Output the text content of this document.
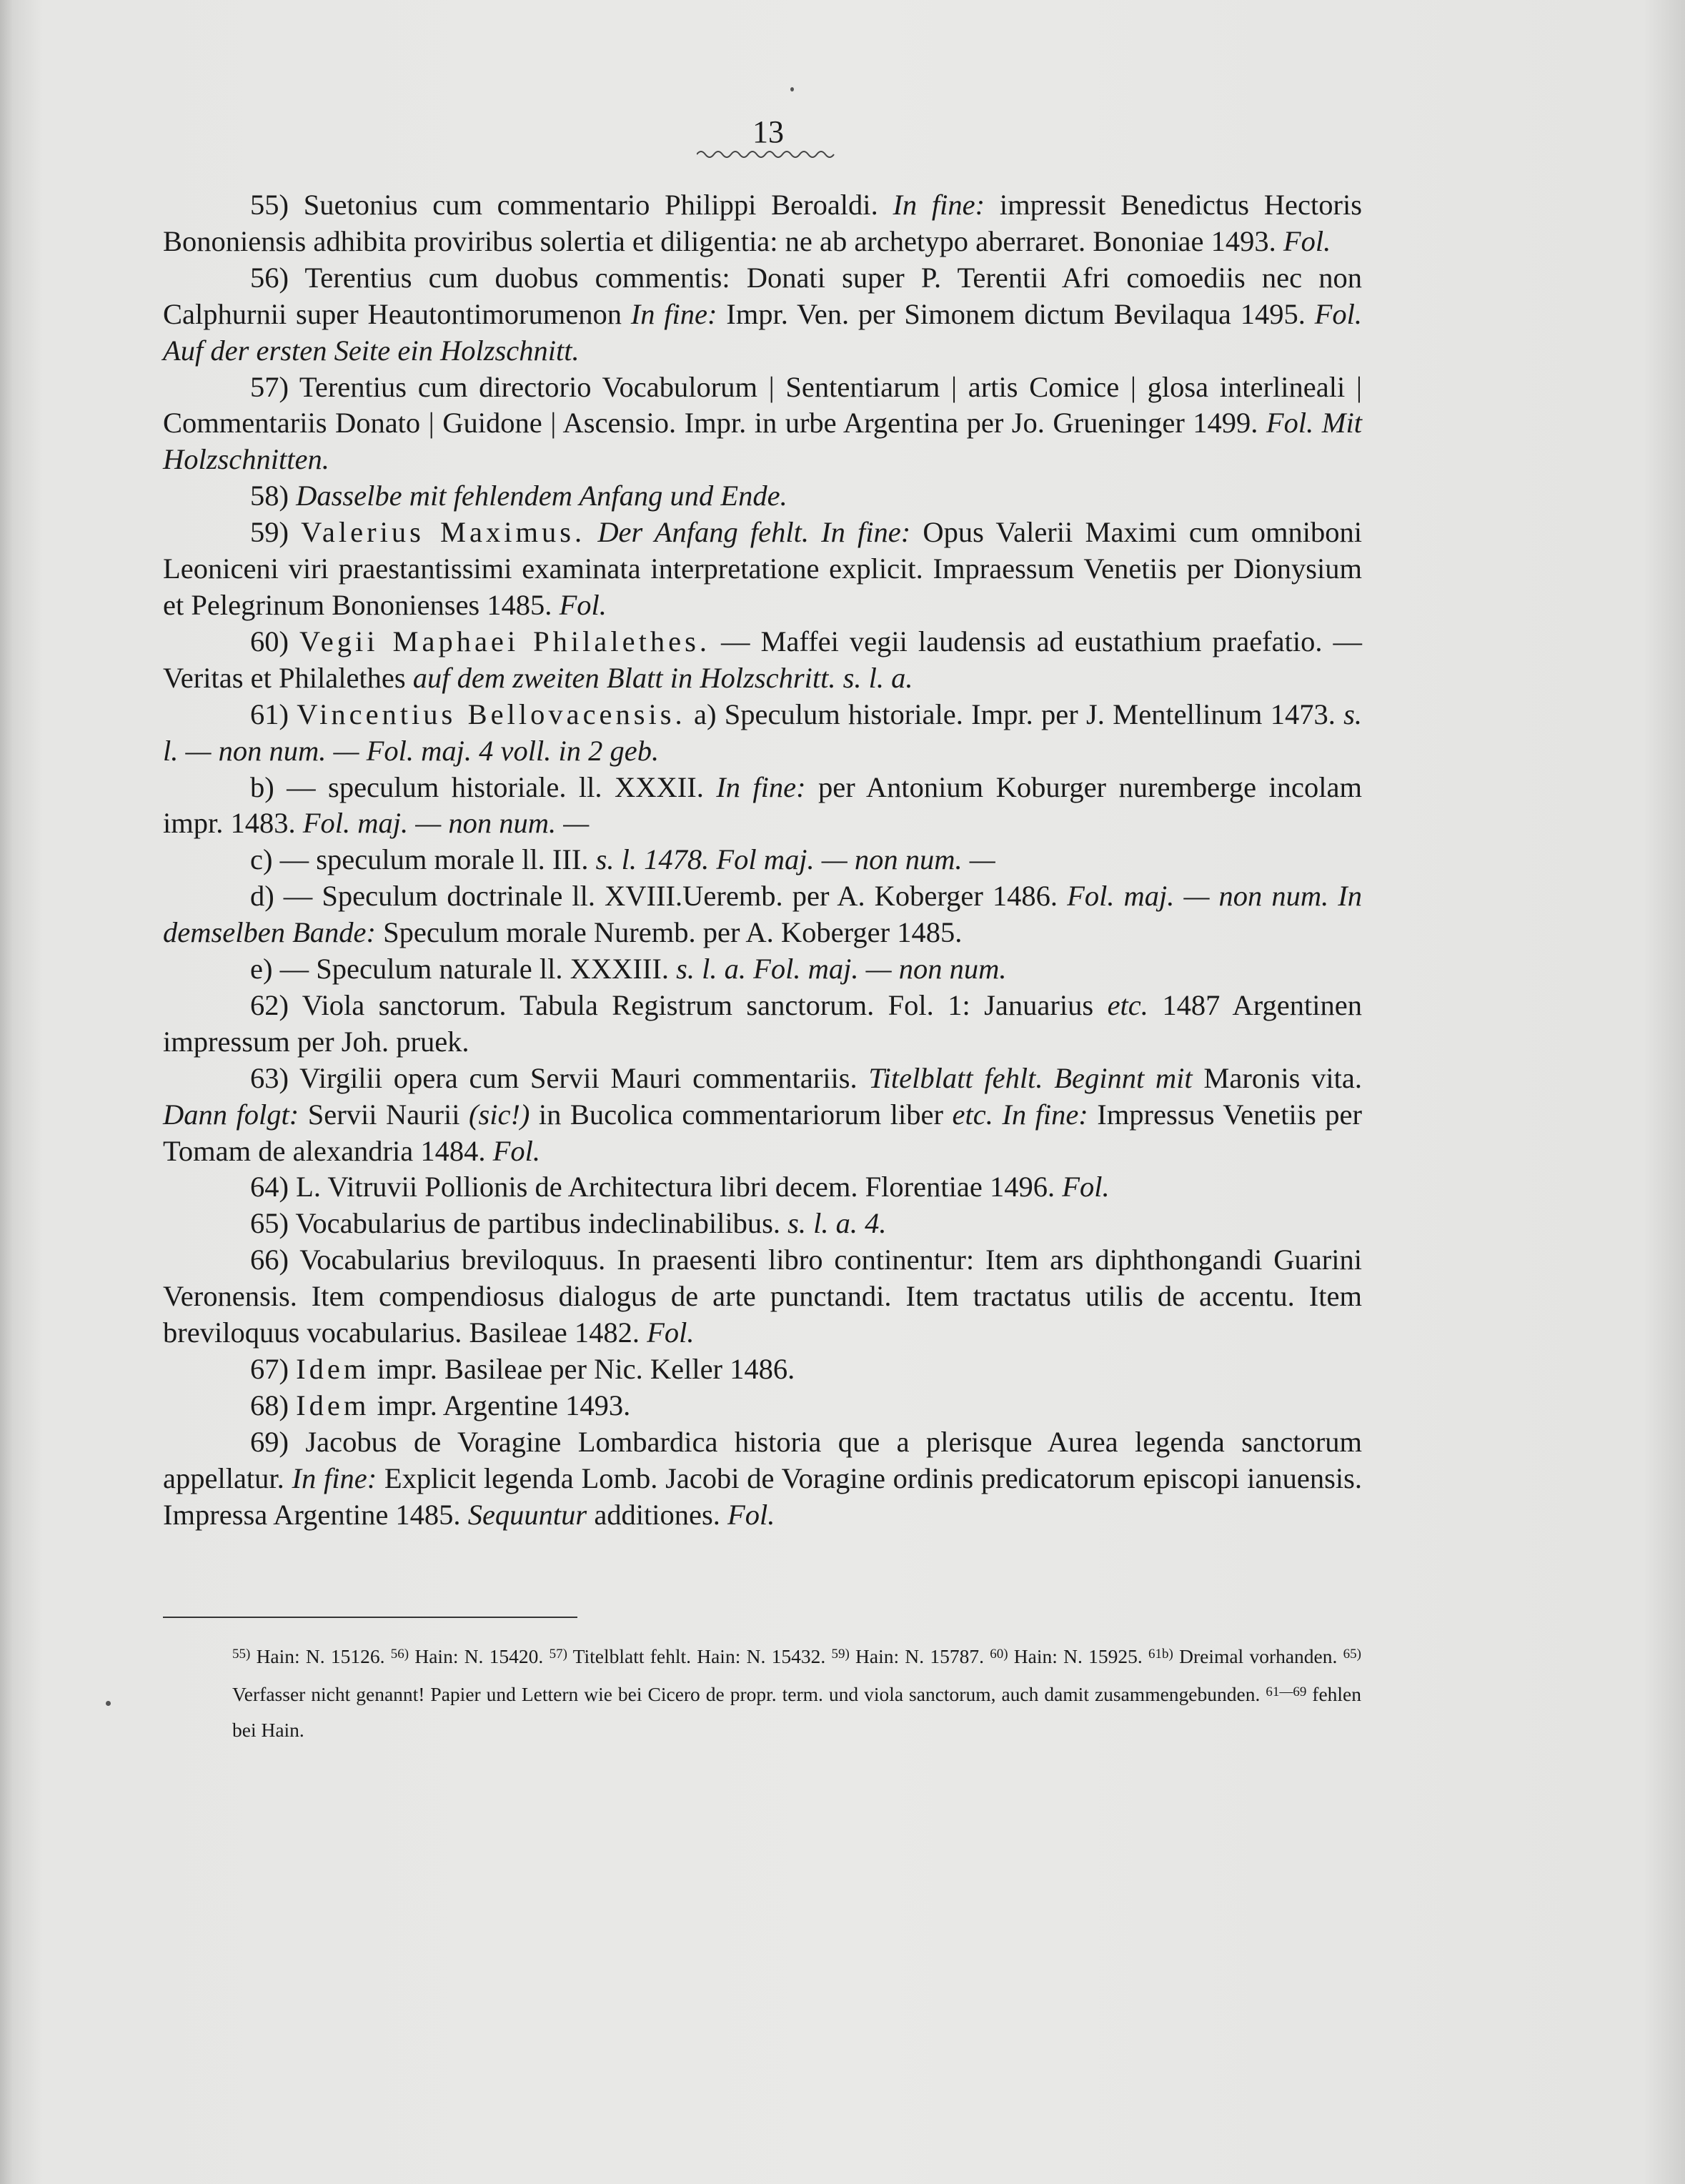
13

55) Suetonius cum commentario Philippi Beroaldi. In fine: impressit Benedictus Hectoris Bononiensis adhibita proviribus solertia et diligentia: ne ab archetypo aberraret. Bononiae 1493. Fol.

56) Terentius cum duobus commentis: Donati super P. Terentii Afri comoediis nec non Calphurnii super Heautontimorumenon In fine: Impr. Ven. per Simonem dictum Bevilaqua 1495. Fol. Auf der ersten Seite ein Holzschnitt.

57) Terentius cum directorio Vocabulorum | Sententiarum | artis Comice | glosa interlineali | Commentariis Donato | Guidone | Ascensio. Impr. in urbe Argentina per Jo. Grueninger 1499. Fol. Mit Holzschnitten.

58) Dasselbe mit fehlendem Anfang und Ende.

59) Valerius Maximus. Der Anfang fehlt. In fine: Opus Valerii Maximi cum omniboni Leoniceni viri praestantissimi examinata interpretatione explicit. Impraessum Venetiis per Dionysium et Pelegrinum Bononienses 1485. Fol.

60) Vegii Maphaei Philalethes. — Maffei vegii laudensis ad eustathium praefatio. — Veritas et Philalethes auf dem zweiten Blatt in Holzschritt. s. l. a.

61) Vincentius Bellovacensis. a) Speculum historiale. Impr. per J. Mentellinum 1473. s. l. — non num. — Fol. maj. 4 voll. in 2 geb.

b) — speculum historiale. ll. XXXII. In fine: per Antonium Koburger nuremberge incolam impr. 1483. Fol. maj. — non num. —

c) — speculum morale ll. III. s. l. 1478. Fol maj. — non num. —

d) — Speculum doctrinale ll. XVIII.Ueremb. per A. Koberger 1486. Fol. maj. — non num. In demselben Bande: Speculum morale Nuremb. per A. Koberger 1485.

e) — Speculum naturale ll. XXXIII. s. l. a. Fol. maj. — non num.

62) Viola sanctorum. Tabula Registrum sanctorum. Fol. 1: Januarius etc. 1487 Argentinen impressum per Joh. pruek.

63) Virgilii opera cum Servii Mauri commentariis. Titelblatt fehlt. Beginnt mit Maronis vita. Dann folgt: Servii Naurii (sic!) in Bucolica commentariorum liber etc. In fine: Impressus Venetiis per Tomam de alexandria 1484. Fol.

64) L. Vitruvii Pollionis de Architectura libri decem. Florentiae 1496. Fol.

65) Vocabularius de partibus indeclinabilibus. s. l. a. 4.

66) Vocabularius breviloquus. In praesenti libro continentur: Item ars diphthongandi Guarini Veronensis. Item compendiosus dialogus de arte punctandi. Item tractatus utilis de accentu. Item breviloquus vocabularius. Basileae 1482. Fol.

67) Idem impr. Basileae per Nic. Keller 1486.

68) Idem impr. Argentine 1493.

69) Jacobus de Voragine Lombardica historia que a plerisque Aurea legenda sanctorum appellatur. In fine: Explicit legenda Lomb. Jacobi de Voragine ordinis predicatorum episcopi ianuensis. Impressa Argentine 1485. Sequuntur additiones. Fol.

$^{55)}$ Hain: N. 15126. $^{56)}$ Hain: N. 15420. $^{57)}$ Titelblatt fehlt. Hain: N. 15432. $^{59)}$ Hain: N. 15787. $^{60)}$ Hain: N. 15925. $^{61b)}$ Dreimal vorhanden. $^{65)}$ Verfasser nicht genannt! Papier und Lettern wie bei Cicero de propr. term. und viola sanctorum, auch damit zusammengebunden. $^{61—69}$ fehlen bei Hain.
